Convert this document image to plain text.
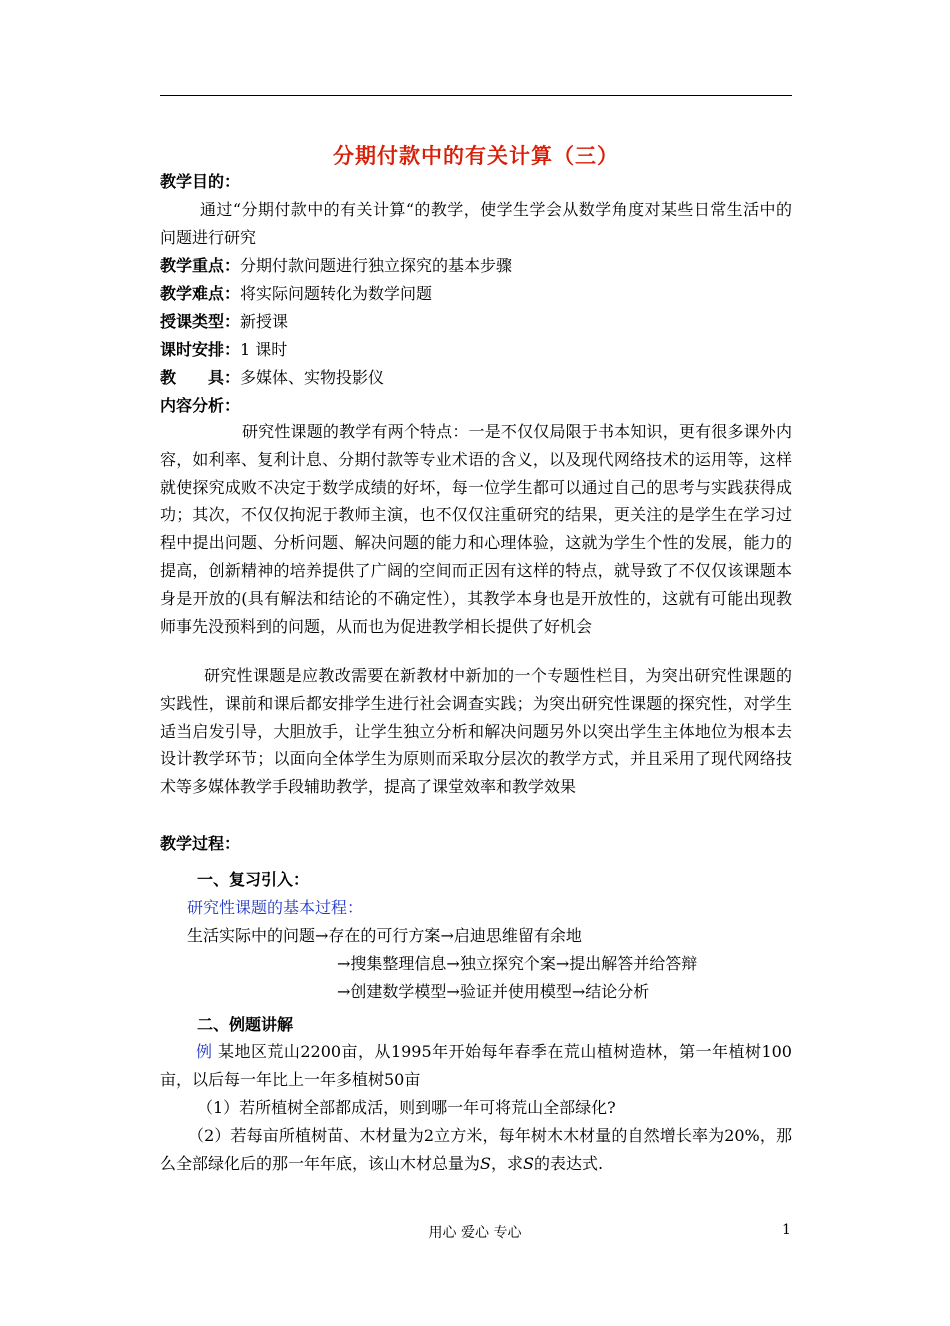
分期付款中的有关计算（三）
教学目的：
通过“分期付款中的有关计算“的教学，使学生学会从数学角度对某些日常生活中的问题进行研究
教学重点：分期付款问题进行独立探究的基本步骤
教学难点：将实际问题转化为数学问题
授课类型：新授课
课时安排：1 课时
教　　具：多媒体、实物投影仪
内容分析：
研究性课题的教学有两个特点：一是不仅仅局限于书本知识，更有很多课外内容，如利率、复利计息、分期付款等专业术语的含义，以及现代网络技术的运用等，这样就使探究成败不决定于数学成绩的好坏，每一位学生都可以通过自己的思考与实践获得成功；其次，不仅仅拘泥于教师主演，也不仅仅注重研究的结果，更关注的是学生在学习过程中提出问题、分析问题、解决问题的能力和心理体验，这就为学生个性的发展，能力的提高，创新精神的培养提供了广阔的空间而正因有这样的特点，就导致了不仅仅该课题本身是开放的(具有解法和结论的不确定性），其教学本身也是开放性的，这就有可能出现教师事先没预料到的问题，从而也为促进教学相长提供了好机会
研究性课题是应教改需要在新教材中新加的一个专题性栏目，为突出研究性课题的实践性，课前和课后都安排学生进行社会调查实践；为突出研究性课题的探究性，对学生适当启发引导，大胆放手，让学生独立分析和解决问题另外以突出学生主体地位为根本去设计教学环节；以面向全体学生为原则而采取分层次的教学方式，并且采用了现代网络技术等多媒体教学手段辅助教学，提高了课堂效率和教学效果
教学过程：
一、复习引入：
研究性课题的基本过程：
生活实际中的问题→存在的可行方案→启迪思维留有余地
→搜集整理信息→独立探究个案→提出解答并给答辩
→创建数学模型→验证并使用模型→结论分析
二、例题讲解
例 某地区荒山2200亩，从1995年开始每年春季在荒山植树造林，第一年植树100亩，以后每一年比上一年多植树50亩
（1）若所植树全部都成活，则到哪一年可将荒山全部绿化?
（2）若每亩所植树苗、木材量为2立方米，每年树木木材量的自然增长率为20%，那么全部绿化后的那一年年底，该山木材总量为S，求S的表达式.
用心 爱心 专心	1
